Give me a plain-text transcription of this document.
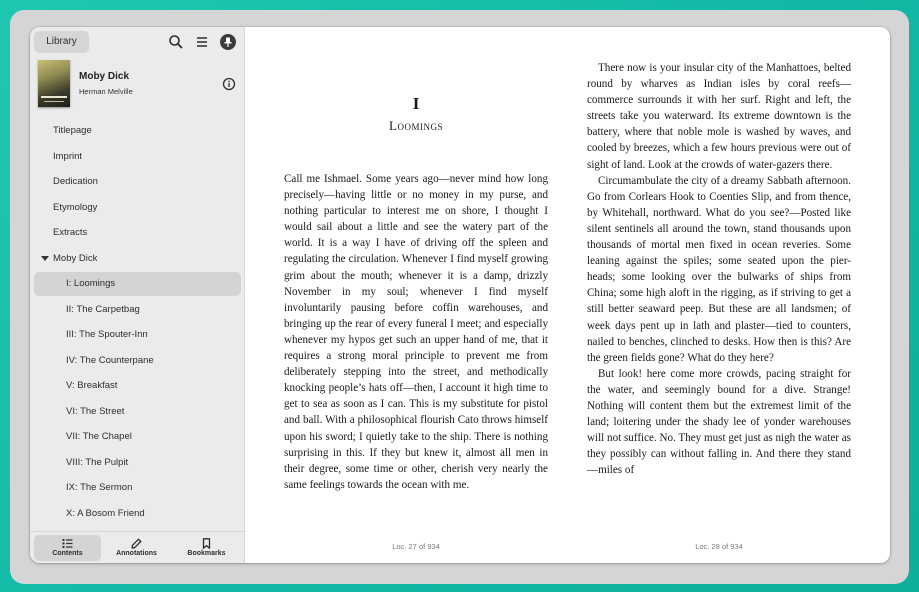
Library
Moby Dick
Herman Melville
Titlepage
Imprint
Dedication
Etymology
Extracts
Moby Dick
I: Loomings
II: The Carpetbag
III: The Spouter-Inn
IV: The Counterpane
V: Breakfast
VI: The Street
VII: The Chapel
VIII: The Pulpit
IX: The Sermon
X: A Bosom Friend
Contents	Annotations	Bookmarks
I
Loomings

Call me Ishmael. Some years ago—never mind how long precisely—having little or no money in my purse, and nothing particular to interest me on shore, I thought I would sail about a little and see the watery part of the world. It is a way I have of driving off the spleen and regulating the circulation. Whenever I find myself growing grim about the mouth; whenever it is a damp, drizzly November in my soul; whenever I find myself involuntarily pausing before coffin warehouses, and bringing up the rear of every funeral I meet; and especially whenever my hypos get such an upper hand of me, that it requires a strong moral principle to prevent me from deliberately stepping into the street, and methodically knocking people’s hats off—then, I account it high time to get to sea as soon as I can. This is my substitute for pistol and ball. With a philosophical flourish Cato throws himself upon his sword; I quietly take to the ship. There is nothing surprising in this. If they but knew it, almost all men in their degree, some time or other, cherish very nearly the same feelings towards the ocean with me.

Loc. 27 of 934

There now is your insular city of the Manhattoes, belted round by wharves as Indian isles by coral reefs—commerce surrounds it with her surf. Right and left, the streets take you waterward. Its extreme downtown is the battery, where that noble mole is washed by waves, and cooled by breezes, which a few hours previous were out of sight of land. Look at the crowds of water-gazers there.

Circumambulate the city of a dreamy Sabbath afternoon. Go from Corlears Hook to Coenties Slip, and from thence, by Whitehall, northward. What do you see?—Posted like silent sentinels all around the town, stand thousands upon thousands of mortal men fixed in ocean reveries. Some leaning against the spiles; some seated upon the pier-heads; some looking over the bulwarks of ships from China; some high aloft in the rigging, as if striving to get a still better seaward peep. But these are all landsmen; of week days pent up in lath and plaster—tied to counters, nailed to benches, clinched to desks. How then is this? Are the green fields gone? What do they here?

But look! here come more crowds, pacing straight for the water, and seemingly bound for a dive. Strange! Nothing will content them but the extremest limit of the land; loitering under the shady lee of yonder warehouses will not suffice. No. They must get just as nigh the water as they possibly can without falling in. And there they stand—miles of

Loc. 28 of 934
